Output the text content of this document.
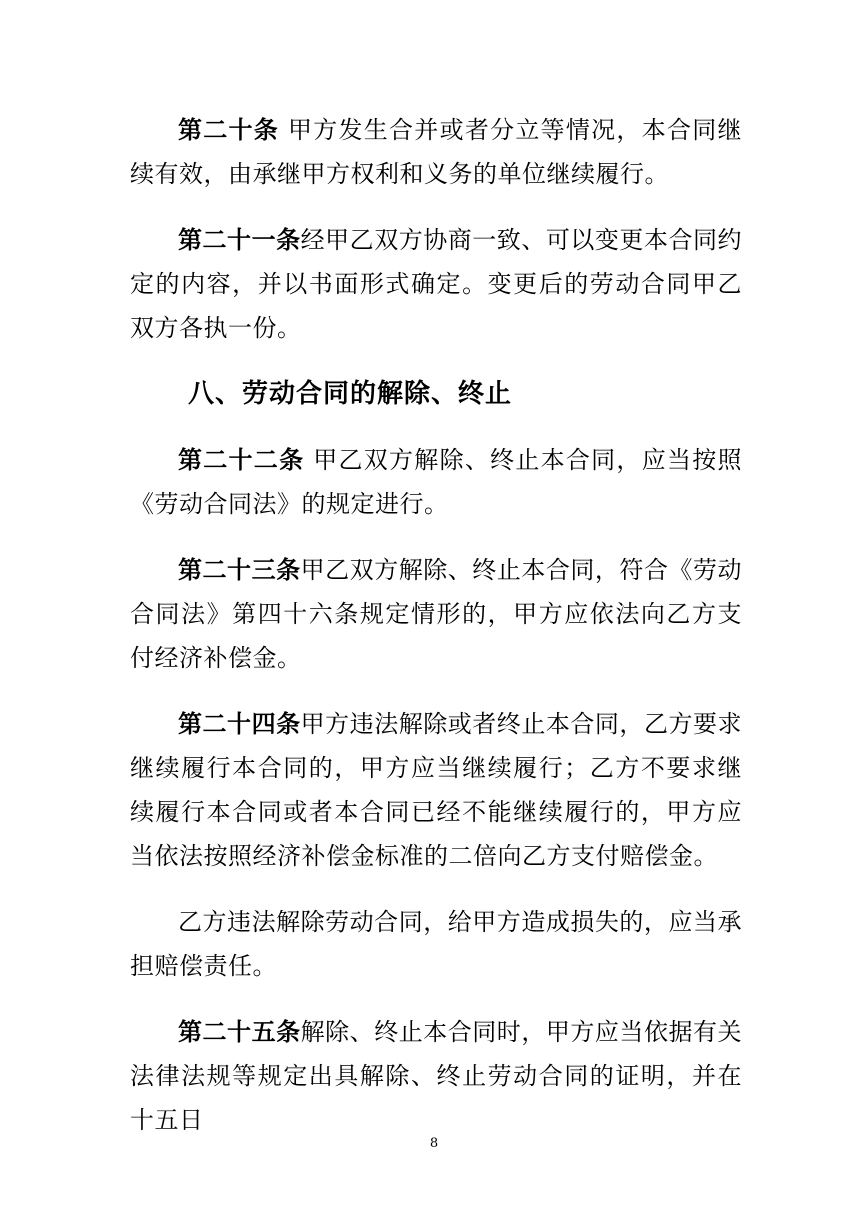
第二十条 甲方发生合并或者分立等情况，本合同继续有效，由承继甲方权利和义务的单位继续履行。

第二十一条经甲乙双方协商一致、可以变更本合同约定的内容，并以书面形式确定。变更后的劳动合同甲乙双方各执一份。

八、劳动合同的解除、终止

第二十二条 甲乙双方解除、终止本合同，应当按照《劳动合同法》的规定进行。

第二十三条甲乙双方解除、终止本合同，符合《劳动合同法》第四十六条规定情形的，甲方应依法向乙方支付经济补偿金。

第二十四条甲方违法解除或者终止本合同，乙方要求继续履行本合同的，甲方应当继续履行；乙方不要求继续履行本合同或者本合同已经不能继续履行的，甲方应当依法按照经济补偿金标准的二倍向乙方支付赔偿金。

乙方违法解除劳动合同，给甲方造成损失的，应当承担赔偿责任。

第二十五条解除、终止本合同时，甲方应当依据有关法律法规等规定出具解除、终止劳动合同的证明，并在十五日

8
